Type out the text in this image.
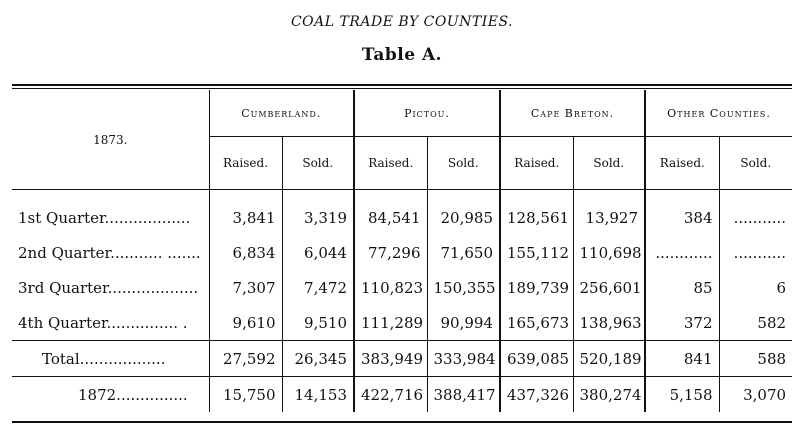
COAL TRADE BY COUNTIES.
Table A.
1873.	Cumberland.		Pictou.		Cape Breton.		Other Counties.	
	Raised.	Sold.	Raised.	Sold.	Raised.	Sold.	Raised.	Sold.
1st Quarter..................	3,841	3,319	84,541	20,985	128,561	13,927	384	...........
2nd Quarter........... .......	6,834	6,044	77,296	71,650	155,112	110,698	............	...........
3rd Quarter...................	7,307	7,472	110,823	150,355	189,739	256,601	85	6
4th Quarter............... .	9,610	9,510	111,289	90,994	165,673	138,963	372	582
Total..................	27,592	26,345	383,949	333,984	639,085	520,189	841	588
1872...............	15,750	14,153	422,716	388,417	437,326	380,274	5,158	3,070
